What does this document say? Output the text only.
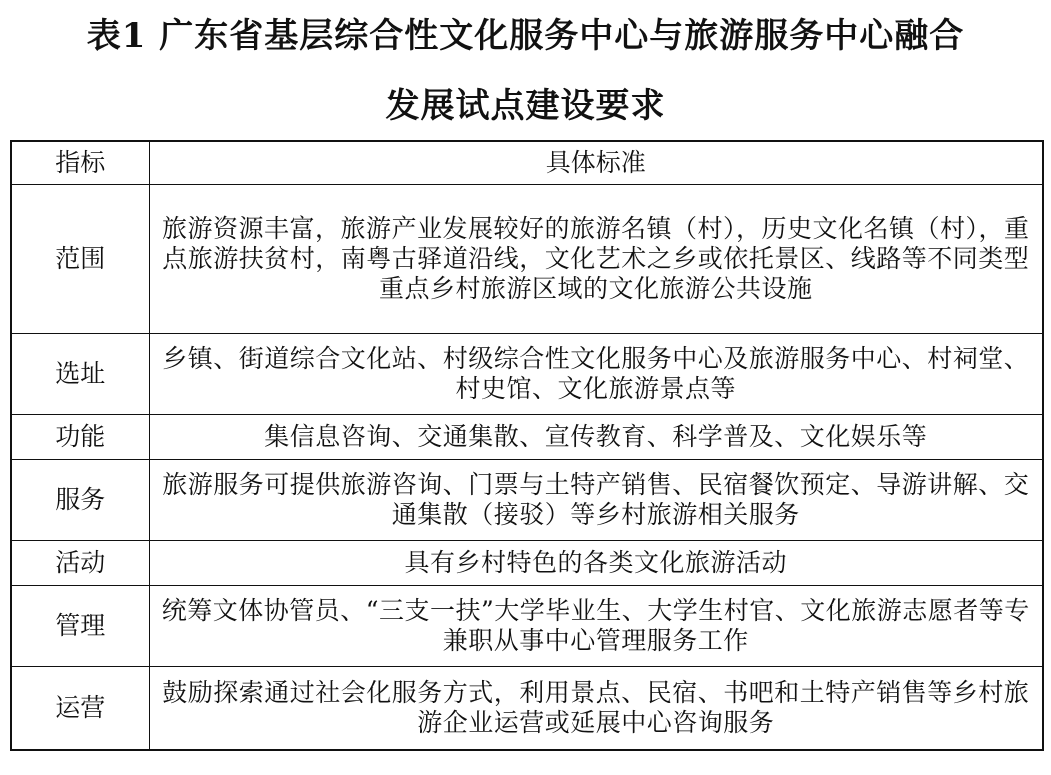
表1 广东省基层综合性文化服务中心与旅游服务中心融合
发展试点建设要求
指标	具体标准
范围	旅游资源丰富，旅游产业发展较好的旅游名镇（村），历史文化名镇（村），重点旅游扶贫村，南粤古驿道沿线，文化艺术之乡或依托景区、线路等不同类型重点乡村旅游区域的文化旅游公共设施
选址	乡镇、街道综合文化站、村级综合性文化服务中心及旅游服务中心、村祠堂、村史馆、文化旅游景点等
功能	集信息咨询、交通集散、宣传教育、科学普及、文化娱乐等
服务	旅游服务可提供旅游咨询、门票与土特产销售、民宿餐饮预定、导游讲解、交通集散（接驳）等乡村旅游相关服务
活动	具有乡村特色的各类文化旅游活动
管理	统筹文体协管员、“三支一扶”大学毕业生、大学生村官、文化旅游志愿者等专兼职从事中心管理服务工作
运营	鼓励探索通过社会化服务方式，利用景点、民宿、书吧和土特产销售等乡村旅游企业运营或延展中心咨询服务
